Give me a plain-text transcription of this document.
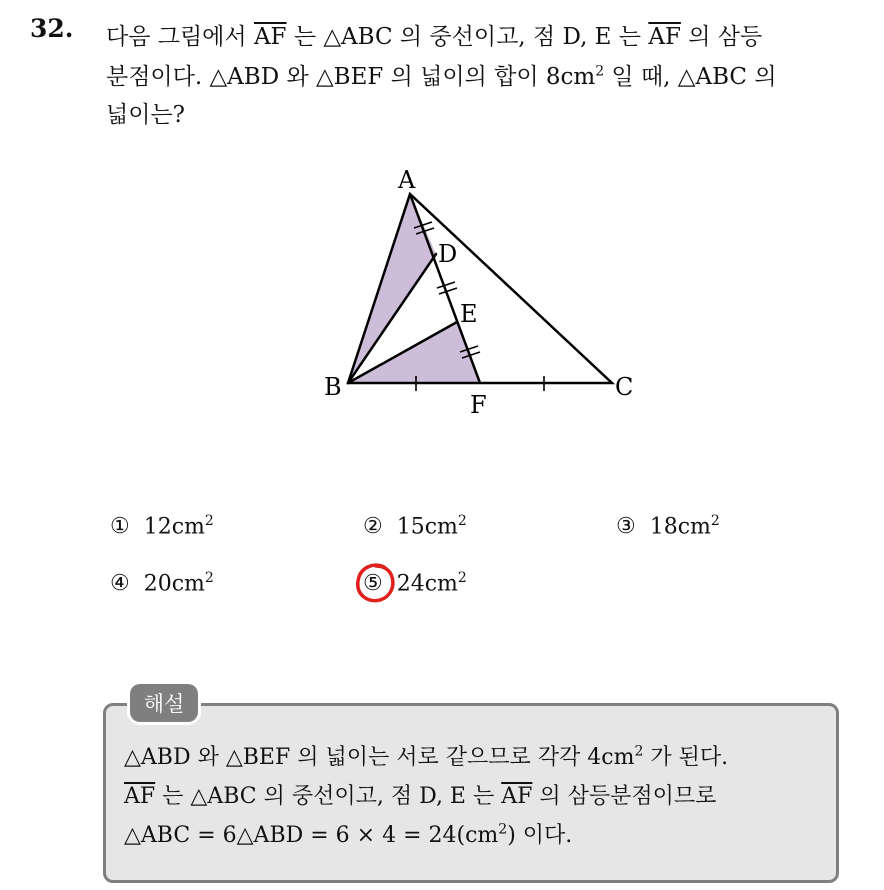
32. 다음 그림에서 $\overline{AF}$ 는 △ABC 의 중선이고, 점 D, E 는 $\overline{AF}$ 의 삼등
분점이다. △ABD 와 △BEF 의 넓이의 합이 $8cm^2$ 일 때, △ABC 의
넓이는?
A
B	C
D
E
F
① $12cm^2$	② $15cm^2$	③ $18cm^2$
④ $20cm^2$	⑤ $24cm^2$
해설
△ABD 와 △BEF 의 넓이는 서로 같으므로 각각 $4cm^2$ 가 된다.
$\overline{AF}$ 는 △ABC 의 중선이고, 점 D, E 는 $\overline{AF}$ 의 삼등분점이므로
△ABC = 6△ABD = $6 \times 4 = 24(cm^2)$ 이다.
